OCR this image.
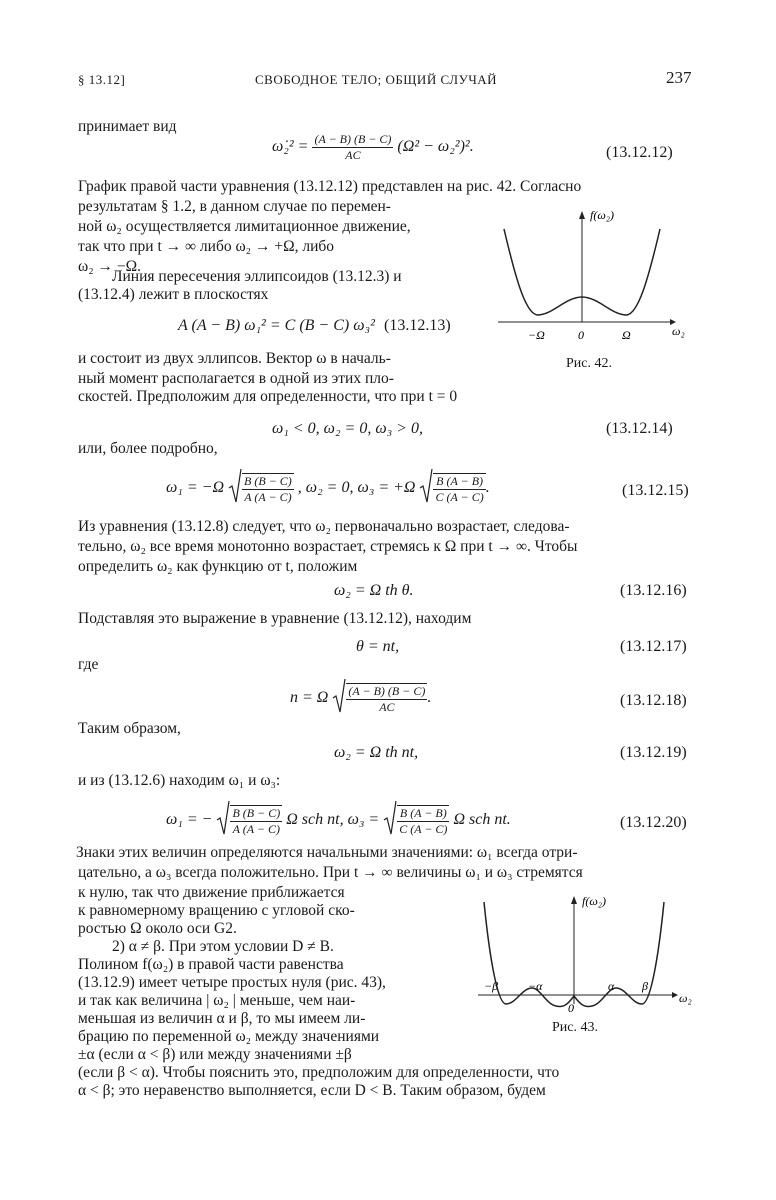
§ 13.12]	СВОБОДНОЕ ТЕЛО; ОБЩИЙ СЛУЧАЙ	237
принимает вид
ω̇₂² = $\frac{(A - B) (B - C)}{AC} (\Omega^2 - \omega_2^2)^2$.	(13.12.12)
График правой части уравнения (13.12.12) представлен на рис. 42. Согласно
результатам § 1.2, в данном случае по перемен-
ной ω₂ осуществляется лимитационное движение,
так что при t → ∞ либо ω₂ → +Ω, либо
ω₂ → −Ω.
Линия пересечения эллипсоидов (13.12.3) и
(13.12.4) лежит в плоскостях
A (A − B) ω₁² = C (B − C) ω₃² (13.12.13)
f(ω₂)
ω₂
−Ω	0	Ω
Рис. 42.
и состоит из двух эллипсов. Вектор ω в началь-
ный момент располагается в одной из этих пло-
скостей. Предположим для определенности, что при t = 0
ω₁ < 0, ω₂ = 0, ω₃ > 0,	(13.12.14)
или, более подробно,
$\omega_1 = -\Omega \frac{B (B - C)}{A (A - C)}$ , ω₂ = 0, $\omega_3 = +\Omega \frac{B (A - B)}{C (A - C)}$ .	(13.12.15)
Из уравнения (13.12.8) следует, что ω₂ первоначально возрастает, следова-
тельно, ω₂ все время монотонно возрастает, стремясь к Ω при t → ∞. Чтобы
определить ω₂ как функцию от t, положим
ω₂ = Ω th θ.	(13.12.16)
Подставляя это выражение в уравнение (13.12.12), находим
θ = nt,	(13.12.17)
где
n = Ω $\frac{(A - B) (B - C)}{AC}$ .	(13.12.18)
Таким образом,
ω₂ = Ω th nt,	(13.12.19)
и из (13.12.6) находим ω₁ и ω₃:
ω₁ = − $\frac{B (B - C)}{A (A - C)}$ Ω sch nt, $\omega_3 = \frac{B (A - B)}{C (A - C)}$ Ω sch nt.	(13.12.20)
Знаки этих величин определяются начальными значениями: ω₁ всегда отри-
цательно, а ω₃ всегда положительно. При t → ∞ величины ω₁ и ω₃ стремятся
к нулю, так что движение приближается
к равномерному вращению с угловой ско-
ростью Ω около оси G2.
2) α ≠ β. При этом условии D ≠ B.
Полином f(ω₂) в правой части равенства
(13.12.9) имеет четыре простых нуля (рис. 43),
и так как величина | ω₂ | меньше, чем наи-
меньшая из величин α и β, то мы имеем ли-
брацию по переменной ω₂ между значениями
±α (если α < β) или между значениями ±β
f(ω₂)
ω₂
−β −α	α β
0
Рис. 43.
(если β < α). Чтобы пояснить это, предположим для определенности, что
α < β; это неравенство выполняется, если D < B. Таким образом, будем
